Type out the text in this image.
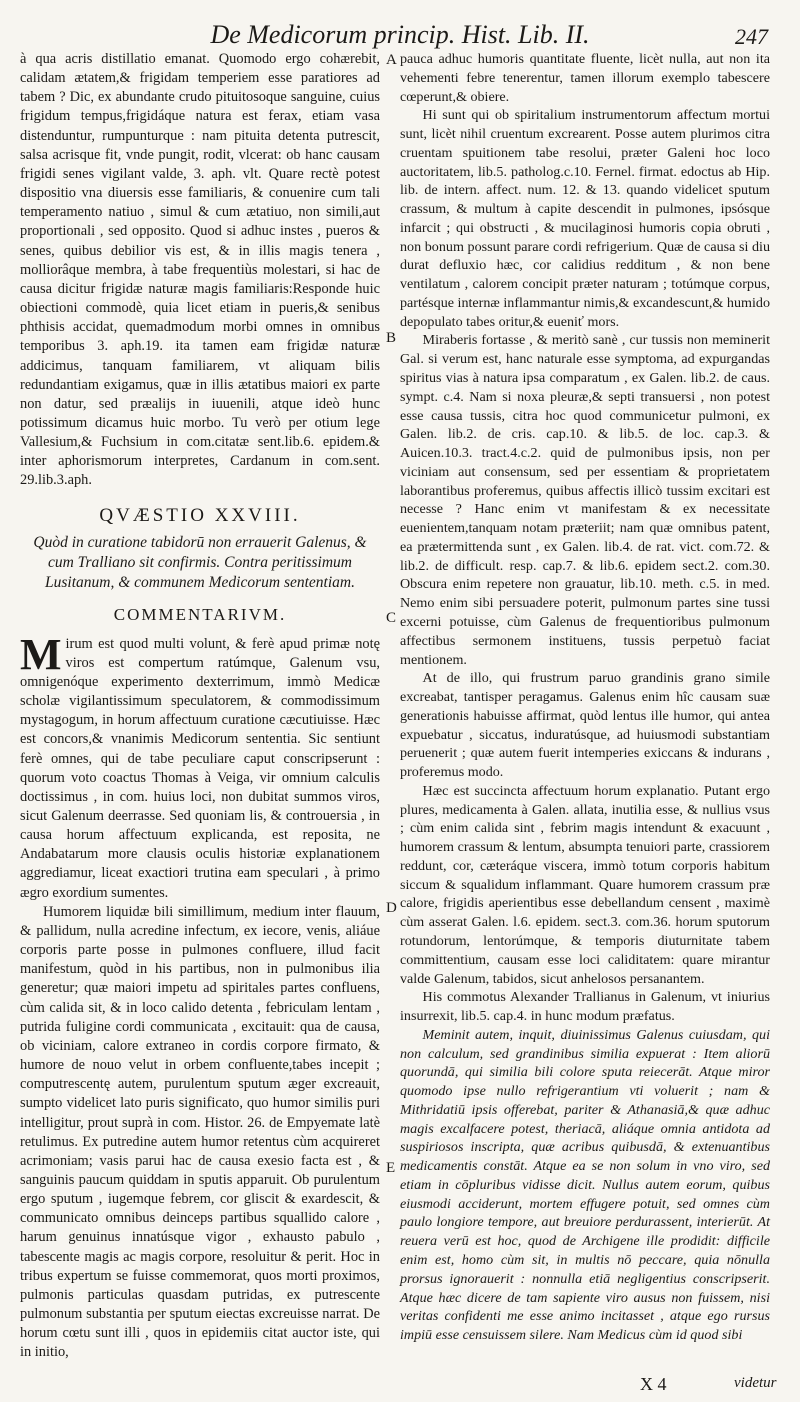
De Medicorum princip. Hist. Lib. II.	247

à qua acris distillatio emanat. Quomodo ergo cohærebit, calidam ætatem,& frigidam temperiem esse paratiores ad tabem ? Dic, ex abundante crudo pituitosoque sanguine, cuius frigidum tempus,frigidáque natura est ferax, etiam vasa distenduntur, rumpunturque : nam pituita detenta putrescit, salsa acrisque fit, vnde pungit, rodit, vlcerat: ob hanc causam frigidi senes vigilant valde, 3. aph. vlt. Quare rectè potest dispositio vna diuersis esse familiaris, & conuenire cum tali temperamento natiuo , simul & cum ætatiuo, non simili,aut proportionali , sed opposito. Quod si adhuc instes , pueros & senes, quibus debilior vis est, & in illis magis tenera , molliorâque membra, à tabe frequentiùs molestari, si hac de causa dicitur frigidæ naturæ magis familiaris:Responde huic obiectioni commodè, quia licet etiam in pueris,& senibus phthisis accidat, quemadmodum morbi omnes in omnibus temporibus 3. aph.19. ita tamen eam frigidæ naturæ addicimus, tanquam familiarem, vt aliquam bilis redundantiam exigamus, quæ in illis ætatibus maiori ex parte non datur, sed præalijs in iuuenili, atque ideò hunc potissimum dicamus huic morbo. Tu verò per otium lege Vallesium,& Fuchsium in com.citatæ sent.lib.6. epidem.& inter aphorismorum interpretes, Cardanum in com.sent. 29.lib.3.aph.

QVÆSTIO XXVIII.
Quòd in curatione tabidorū non errauerit Galenus, & cum Tralliano sit confirmis. Contra peritissimum Lusitanum, & communem Medicorum sententiam.
COMMENTARIVM.

Mirum est quod multi volunt, & ferè apud primæ notę viros est compertum ratúmque, Galenum vsu, omnigenóque experimento dexterrimum, immò Medicæ scholæ vigilantissimum speculatorem, & commodissimum mystagogum, in horum affectuum curatione cæcutiuisse. Hæc est concors,& vnanimis Medicorum sententia. Sic sentiunt ferè omnes, qui de tabe peculiare caput conscripserunt : quorum voto coactus Thomas à Veiga, vir omnium calculis doctissimus , in com. huius loci, non dubitat summos viros, sicut Galenum deerrasse. Sed quoniam lis, & controuersia , in causa horum affectuum explicanda, est reposita, ne Andabatarum more clausis oculis historiæ explanationem aggrediamur, liceat exactiori trutina eam speculari , à primo ægro exordium sumentes.

Humorem liquidæ bili simillimum, medium inter flauum, & pallidum, nulla acredine infectum, ex iecore, venis, aliáue corporis parte posse in pulmones confluere, illud facit manifestum, quòd in his partibus, non in pulmonibus ilia generetur; quæ maiori impetu ad spiritales partes confluens, cùm calida sit, & in loco calido detenta , febriculam lentam , putrida fuligine cordi communicata , excitauit: qua de causa, ob viciniam, calore extraneo in cordis corpore firmato, & humore de nouo velut in orbem confluente,tabes incepit ; computrescentę autem, purulentum sputum æger excreauit, sumpto videlicet lato puris significato, quo humor similis puri intelligitur, prout suprà in com. Histor. 26. de Empyemate latè retulimus. Ex putredine autem humor retentus cùm acquireret acrimoniam; vasis parui hac de causa exesio facta est , & sanguinis paucum quiddam in sputis apparuit. Ob purulentum ergo sputum , iugemque febrem, cor gliscit & exardescit, & communicato omnibus deinceps partibus squallido calore , harum genuinus innatúsque vigor , exhausto pabulo , tabescente magis ac magis corpore, resoluitur & perit. Hoc in tribus expertum se fuisse commemorat, quos morti proximos, pulmonis particulas quasdam putridas, ex putrescente pulmonum substantia per sputum eiectas excreuisse narrat. De horum cœtu sunt illi , quos in epidemiis citat auctor iste, qui in initio,

A
B
C
D
E

pauca adhuc humoris quantitate fluente, licèt nulla, aut non ita vehementi febre tenerentur, tamen illorum exemplo tabescere cœperunt,& obiere.

Hi sunt qui ob spiritalium instrumentorum affectum mortui sunt, licèt nihil cruentum excrearent. Posse autem plurimos citra cruentam spuitionem tabe resolui, præter Galeni hoc loco auctoritatem, lib.5. patholog.c.10. Fernel. firmat. edoctus ab Hip. lib. de intern. affect. num. 12. & 13. quando videlicet sputum crassum, & multum à capite descendit in pulmones, ipsósque infarcit ; qui obstructi , & mucilaginosi humoris copia obruti , non bonum possunt parare cordi refrigerium. Quæ de causa si diu durat defluxio hæc, cor calidius redditum , & non bene ventilatum , calorem concipit præter naturam ; totúmque corpus, partésque internæ inflammantur nimis,& excandescunt,& humido depopulato tabes oritur,& eueniť mors.

Miraberis fortasse , & meritò sanè , cur tussis non meminerit Gal. si verum est, hanc naturale esse symptoma, ad expurgandas spiritus vias à natura ipsa comparatum , ex Galen. lib.2. de caus. sympt. c.4. Nam si noxa pleuræ,& septi transuersi , non potest esse causa tussis, citra hoc quod communicetur pulmoni, ex Galen. lib.2. de cris. cap.10. & lib.5. de loc. cap.3. & Auicen.10.3. tract.4.c.2. quid de pulmonibus ipsis, non per viciniam aut consensum, sed per essentiam & proprietatem laborantibus proferemus, quibus affectis illicò tussim excitari est necesse ? Hanc enim vt manifestam & ex necessitate euenientem,tanquam notam præteriit; nam quæ omnibus patent, ea prætermittenda sunt , ex Galen. lib.4. de rat. vict. com.72. & lib.2. de difficult. resp. cap.7. & lib.6. epidem sect.2. com.30. Obscura enim repetere non grauatur, lib.10. meth. c.5. in med. Nemo enim sibi persuadere poterit, pulmonum partes sine tussi excerni potuisse, cùm Galenus de frequentioribus pulmonum affectibus sermonem instituens, tussis perpetuò faciat mentionem.

At de illo, qui frustrum paruo grandinis grano simile excreabat, tantisper peragamus. Galenus enim hîc causam suæ generationis habuisse affirmat, quòd lentus ille humor, qui antea expuebatur , siccatus, induratúsque, ad huiusmodi substantiam peruenerit ; quæ autem fuerit intemperies exiccans & indurans , proferemus modo.

Hæc est succincta affectuum horum explanatio. Putant ergo plures, medicamenta à Galen. allata, inutilia esse, & nullius vsus ; cùm enim calida sint , febrim magis intendunt & exacuunt , humorem crassum & lentum, absumpta tenuiori parte, crassiorem reddunt, cor, cæteráque viscera, immò totum corporis habitum siccum & squalidum inflammant. Quare humorem crassum præ calore, frigidis aperientibus esse debellandum censent , maximè cùm asserat Galen. l.6. epidem. sect.3. com.36. horum sputorum rotundorum, lentorúmque, & temporis diuturnitate tabem committentium, causam esse loci caliditatem: quare mirantur valde Galenum, tabidos, sicut anhelosos persanantem.

His commotus Alexander Trallianus in Galenum, vt iniurius insurrexit, lib.5. cap.4. in hunc modum præfatus.

Meminit autem, inquit, diuinissimus Galenus cuiusdam, qui non calculum, sed grandinibus similia expuerat : Item aliorū quorundā, qui similia bili colore sputa reiecerāt. Atque miror quomodo ipse nullo refrigerantium vti voluerit ; nam & Mithridatiū ipsis offerebat, pariter & Athanasiā,& quæ adhuc magis excalfacere potest, theriacā, aliáque omnia antidota ad suspiriosos inscripta, quæ acribus quibusdā, & extenuantibus medicamentis constāt. Atque ea se non solum in vno viro, sed etiam in cōpluribus vidisse dicit. Nullus autem eorum, quibus eiusmodi acciderunt, mortem effugere potuit, sed omnes cùm paulo longiore tempore, aut breuiore perdurassent, interierūt. At reuera verū est hoc, quod de Archigene ille prodidit: difficile enim est, homo cùm sit, in multis nō peccare, quia nōnulla prorsus ignorauerit : nonnulla etiā negligentius conscripserit. Atque hæc dicere de tam sapiente viro ausus non fuissem, nisi veritas confidenti me esse animo incitasset , atque ego rursus impiū esse censuissem silere. Nam Medicus cùm id quod sibi

X 4	videtur
